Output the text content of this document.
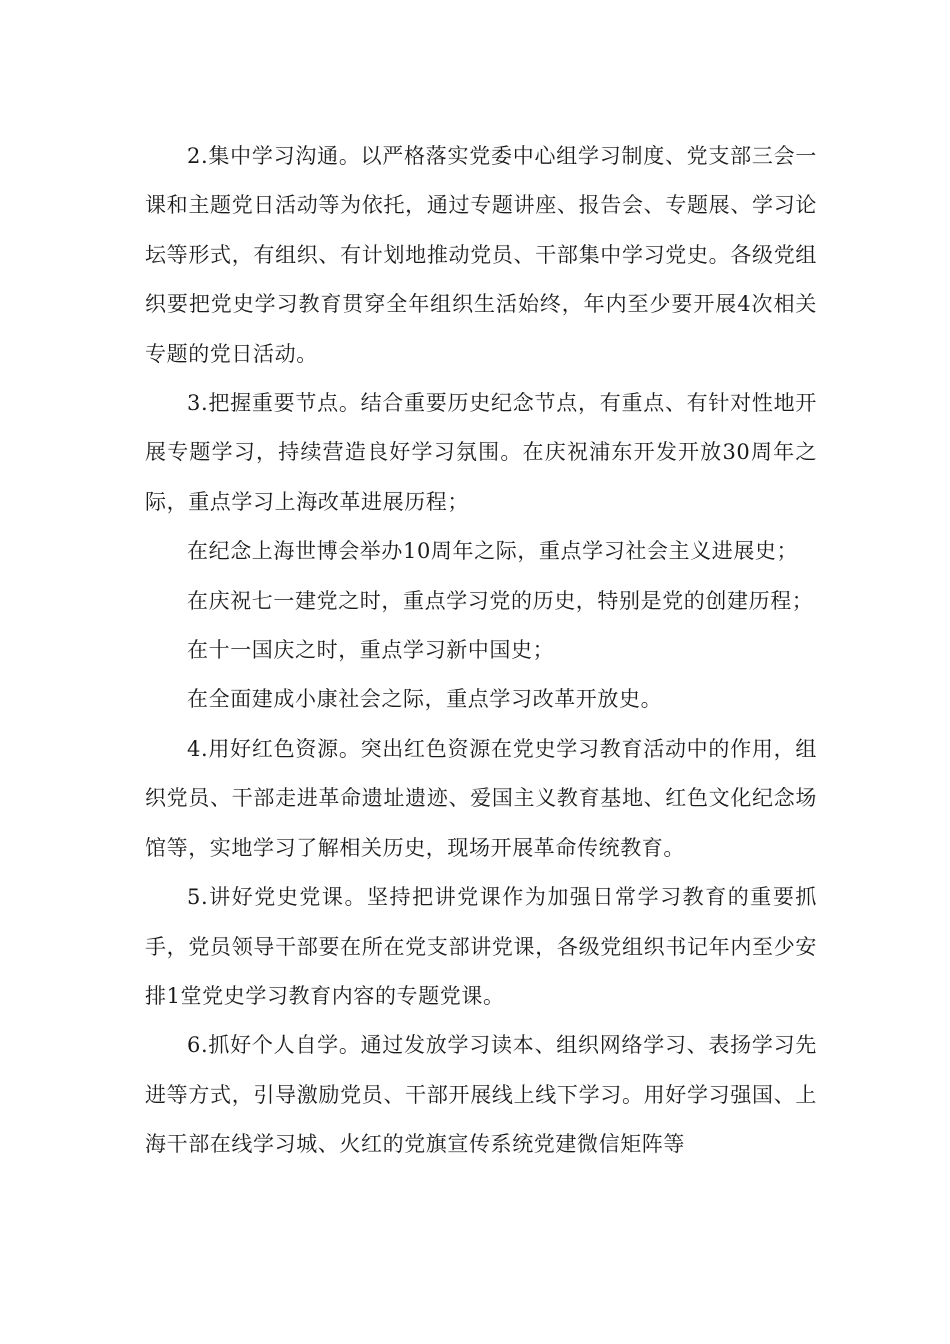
2.集中学习沟通。以严格落实党委中心组学习制度、党支部三会一课和主题党日活动等为依托，通过专题讲座、报告会、专题展、学习论坛等形式，有组织、有计划地推动党员、干部集中学习党史。各级党组织要把党史学习教育贯穿全年组织生活始终，年内至少要开展4次相关专题的党日活动。

3.把握重要节点。结合重要历史纪念节点，有重点、有针对性地开展专题学习，持续营造良好学习氛围。在庆祝浦东开发开放30周年之际，重点学习上海改革进展历程；

在纪念上海世博会举办10周年之际，重点学习社会主义进展史；

在庆祝七一建党之时，重点学习党的历史，特别是党的创建历程；

在十一国庆之时，重点学习新中国史；

在全面建成小康社会之际，重点学习改革开放史。

4.用好红色资源。突出红色资源在党史学习教育活动中的作用，组织党员、干部走进革命遗址遗迹、爱国主义教育基地、红色文化纪念场馆等，实地学习了解相关历史，现场开展革命传统教育。

5.讲好党史党课。坚持把讲党课作为加强日常学习教育的重要抓手，党员领导干部要在所在党支部讲党课，各级党组织书记年内至少安排1堂党史学习教育内容的专题党课。

6.抓好个人自学。通过发放学习读本、组织网络学习、表扬学习先进等方式，引导激励党员、干部开展线上线下学习。用好学习强国、上海干部在线学习城、火红的党旗宣传系统党建微信矩阵等
